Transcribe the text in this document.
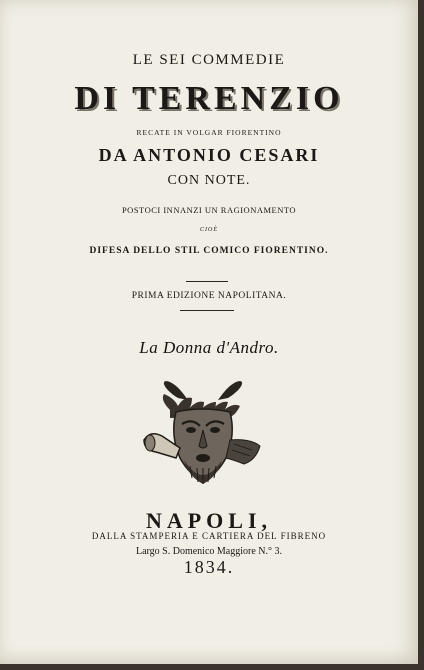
LE SEI COMMEDIE
DI TERENZIO
RECATE IN VOLGAR FIORENTINO
DA ANTONIO CESARI
CON NOTE.
POSTOCI INNANZI UN RAGIONAMENTO
CIOÈ
DIFESA DELLO STIL COMICO FIORENTINO.
PRIMA EDIZIONE NAPOLITANA.
La Donna d'Andro.
NAPOLI,
DALLA STAMPERIA E CARTIERA DEL FIBRENO
Largo S. Domenico Maggiore N.° 3.
1834.
